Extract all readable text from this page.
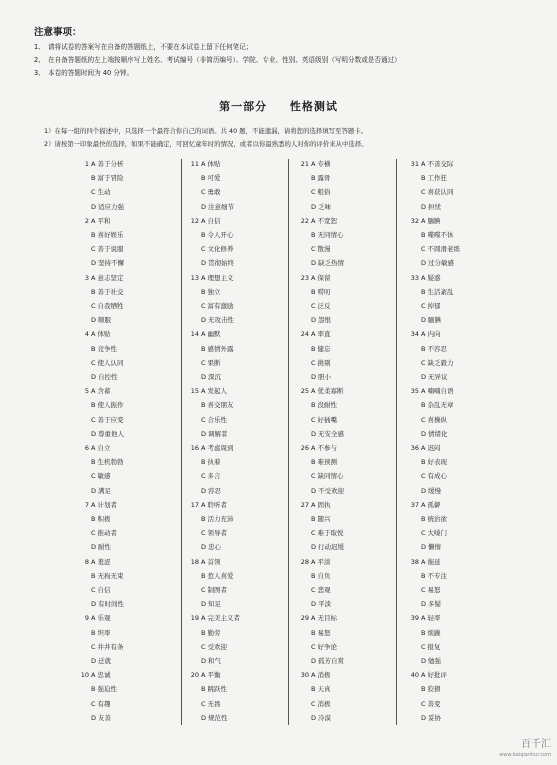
注意事项：
1、 请将试卷的答案写在自备的答题纸上，不要在本试卷上留下任何笔记；
2、 在自备答题纸的左上端按顺序写上姓名、考试编号（非简历编号）、学院、专业、性别、英语级别（写明分数或是否通过）
3、 本卷的答题时间为 40 分钟。
第一部分 性格测试
1）在每一组的四个描述中，只选择一个最符合你自己的词语。共 40 题，不能遗漏，请将您的选择填写至答题卡。
2）请按第一印象最快的选择，如果不能确定，可回忆童年时的情况，或者以你最熟悉的人对你的评价来从中选择。
1 A 善于分析
B 富于冒险
C 生动
D 适应力强
2 A 平和
B 喜好娱乐
C 善于说服
D 坚持不懈
3 A 意志坚定
B 善于社交
C 自我牺牲
D 顺服
4 A 体贴
B 竞争性
C 使人认同
D 自控性
5 A 含蓄
B 使人振作
C 善于应变
D 尊重他人
6 A 自立
B 生机勃勃
C 敏感
D 满足
7 A 计划者
B 积极
C 推动者
D 耐性
8 A 羞涩
B 无拘无束
C 自信
D 有时间性
9 A 乐观
B 坦率
C 井井有条
D 迁就
10 A 忠诚
B 强迫性
C 有趣
D 友善
11 A 体贴
B 可爱
C 勇敢
D 注意细节
12 A 自信
B 令人开心
C 文化修养
D 贯彻始终
13 A 理想主义
B 独立
C 富有激励
D 无攻击性
14 A 幽默
B 感情外露
C 果断
D 深沉
15 A 发起人
B 喜交朋友
C 合乐性
D 调解者
16 A 考虑周到
B 执着
C 多言
D 容忍
17 A 聆听者
B 活力充沛
C 领导者
D 忠心
18 A 首领
B 惹人喜爱
C 制图者
D 知足
19 A 完美主义者
B 勤劳
C 受欢迎
D 和气
20 A 平衡
B 跳跃性
C 无畏
D 规范性
21 A 专横
B 露骨
C 粗俗
D 乏味
22 A 不宽恕
B 无同情心
C 散漫
D 缺乏热情
23 A 保留
B 唠叨
C 泛反
D 怨恨
24 A 率直
B 健忘
C 挑剔
D 胆小
25 A 优柔寡断
B 没耐性
C 好插嘴
D 无安全感
26 A 不参与
B 难预测
C 缺同情心
D 不受欢迎
27 A 固执
B 随兴
C 难于取悦
D 行动迟缓
28 A 平淡
B 自负
C 悲观
D 平淡
29 A 无目标
B 易怒
C 好争论
D 孤芳自赏
30 A 消极
B 天真
C 消极
D 冷漠
31 A 不善交际
B 工作狂
C 喜获认同
D 担忧
32 A 腼腆
B 喋喋不休
C 不圆滑老练
D 过分敏感
33 A 疑惑
B 生活紊乱
C 掉郁
D 腼腆
34 A 内向
B 不容忍
C 缺乏毅力
D 无异议
35 A 喃喃自语
B 杂乱无章
C 喜操纵
D 情绪化
36 A 迟闷
B 好表现
C 有成心
D 缓慢
37 A 孤僻
B 统治欲
C 大嗓门
D 懒惰
38 A 拖延
B 不专注
C 易怒
D 多疑
39 A 轻率
B 烦躁
C 报复
D 勉强
40 A 好批评
B 狡猾
C 善变
D 妥协
百千汇
www.baiqianhui.com
